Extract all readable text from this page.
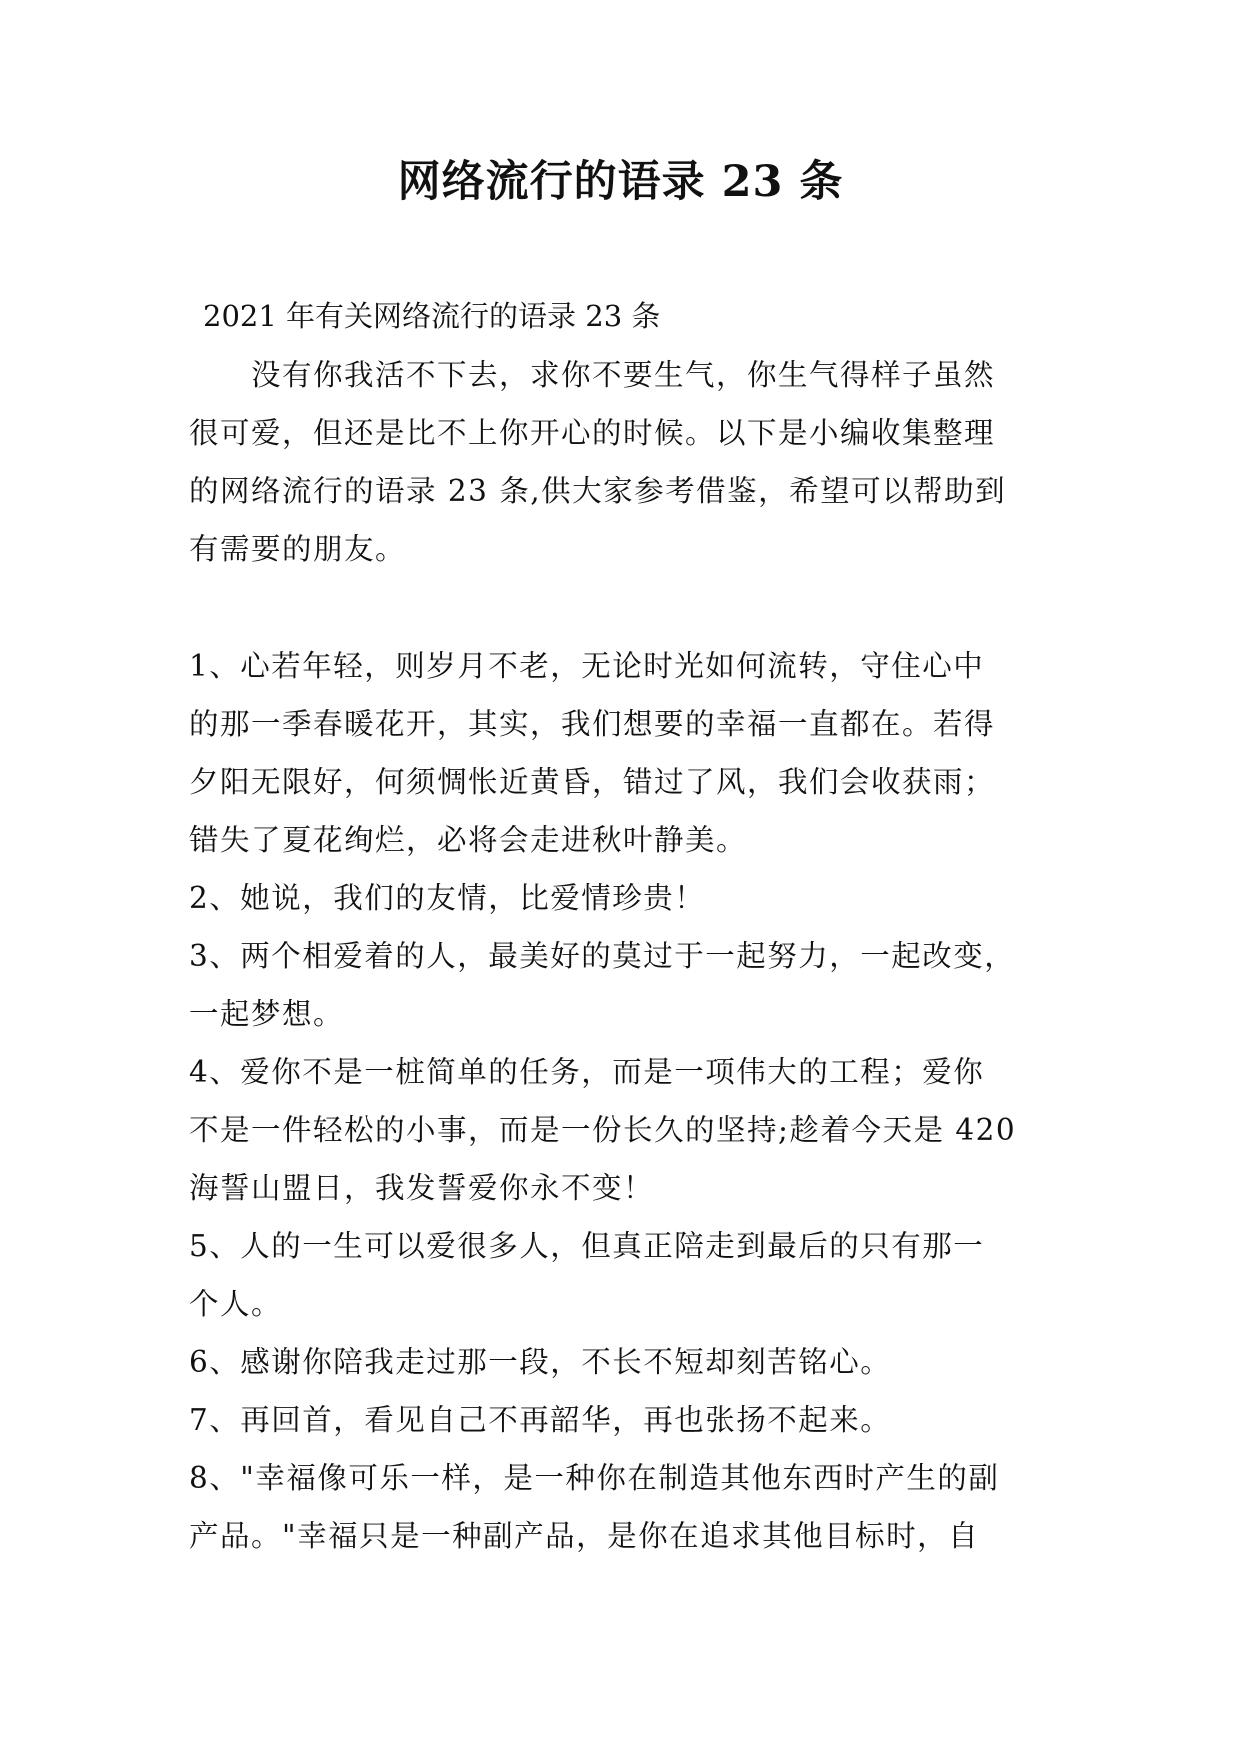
网络流行的语录 23 条
2021 年有关网络流行的语录 23 条
　　没有你我活不下去，求你不要生气，你生气得样子虽然
很可爱，但还是比不上你开心的时候。以下是小编收集整理
的网络流行的语录 23 条,供大家参考借鉴，希望可以帮助到
有需要的朋友。
1、心若年轻，则岁月不老，无论时光如何流转，守住心中
的那一季春暖花开，其实，我们想要的幸福一直都在。若得
夕阳无限好，何须惆怅近黄昏，错过了风，我们会收获雨；
错失了夏花绚烂，必将会走进秋叶静美。
2、她说，我们的友情，比爱情珍贵！
3、两个相爱着的人，最美好的莫过于一起努力，一起改变，
一起梦想。
4、爱你不是一桩简单的任务，而是一项伟大的工程；爱你
不是一件轻松的小事，而是一份长久的坚持;趁着今天是 420
海誓山盟日，我发誓爱你永不变！
5、人的一生可以爱很多人，但真正陪走到最后的只有那一
个人。
6、感谢你陪我走过那一段，不长不短却刻苦铭心。
7、再回首，看见自己不再韶华，再也张扬不起来。
8、"幸福像可乐一样，是一种你在制造其他东西时产生的副
产品。"幸福只是一种副产品，是你在追求其他目标时，自
